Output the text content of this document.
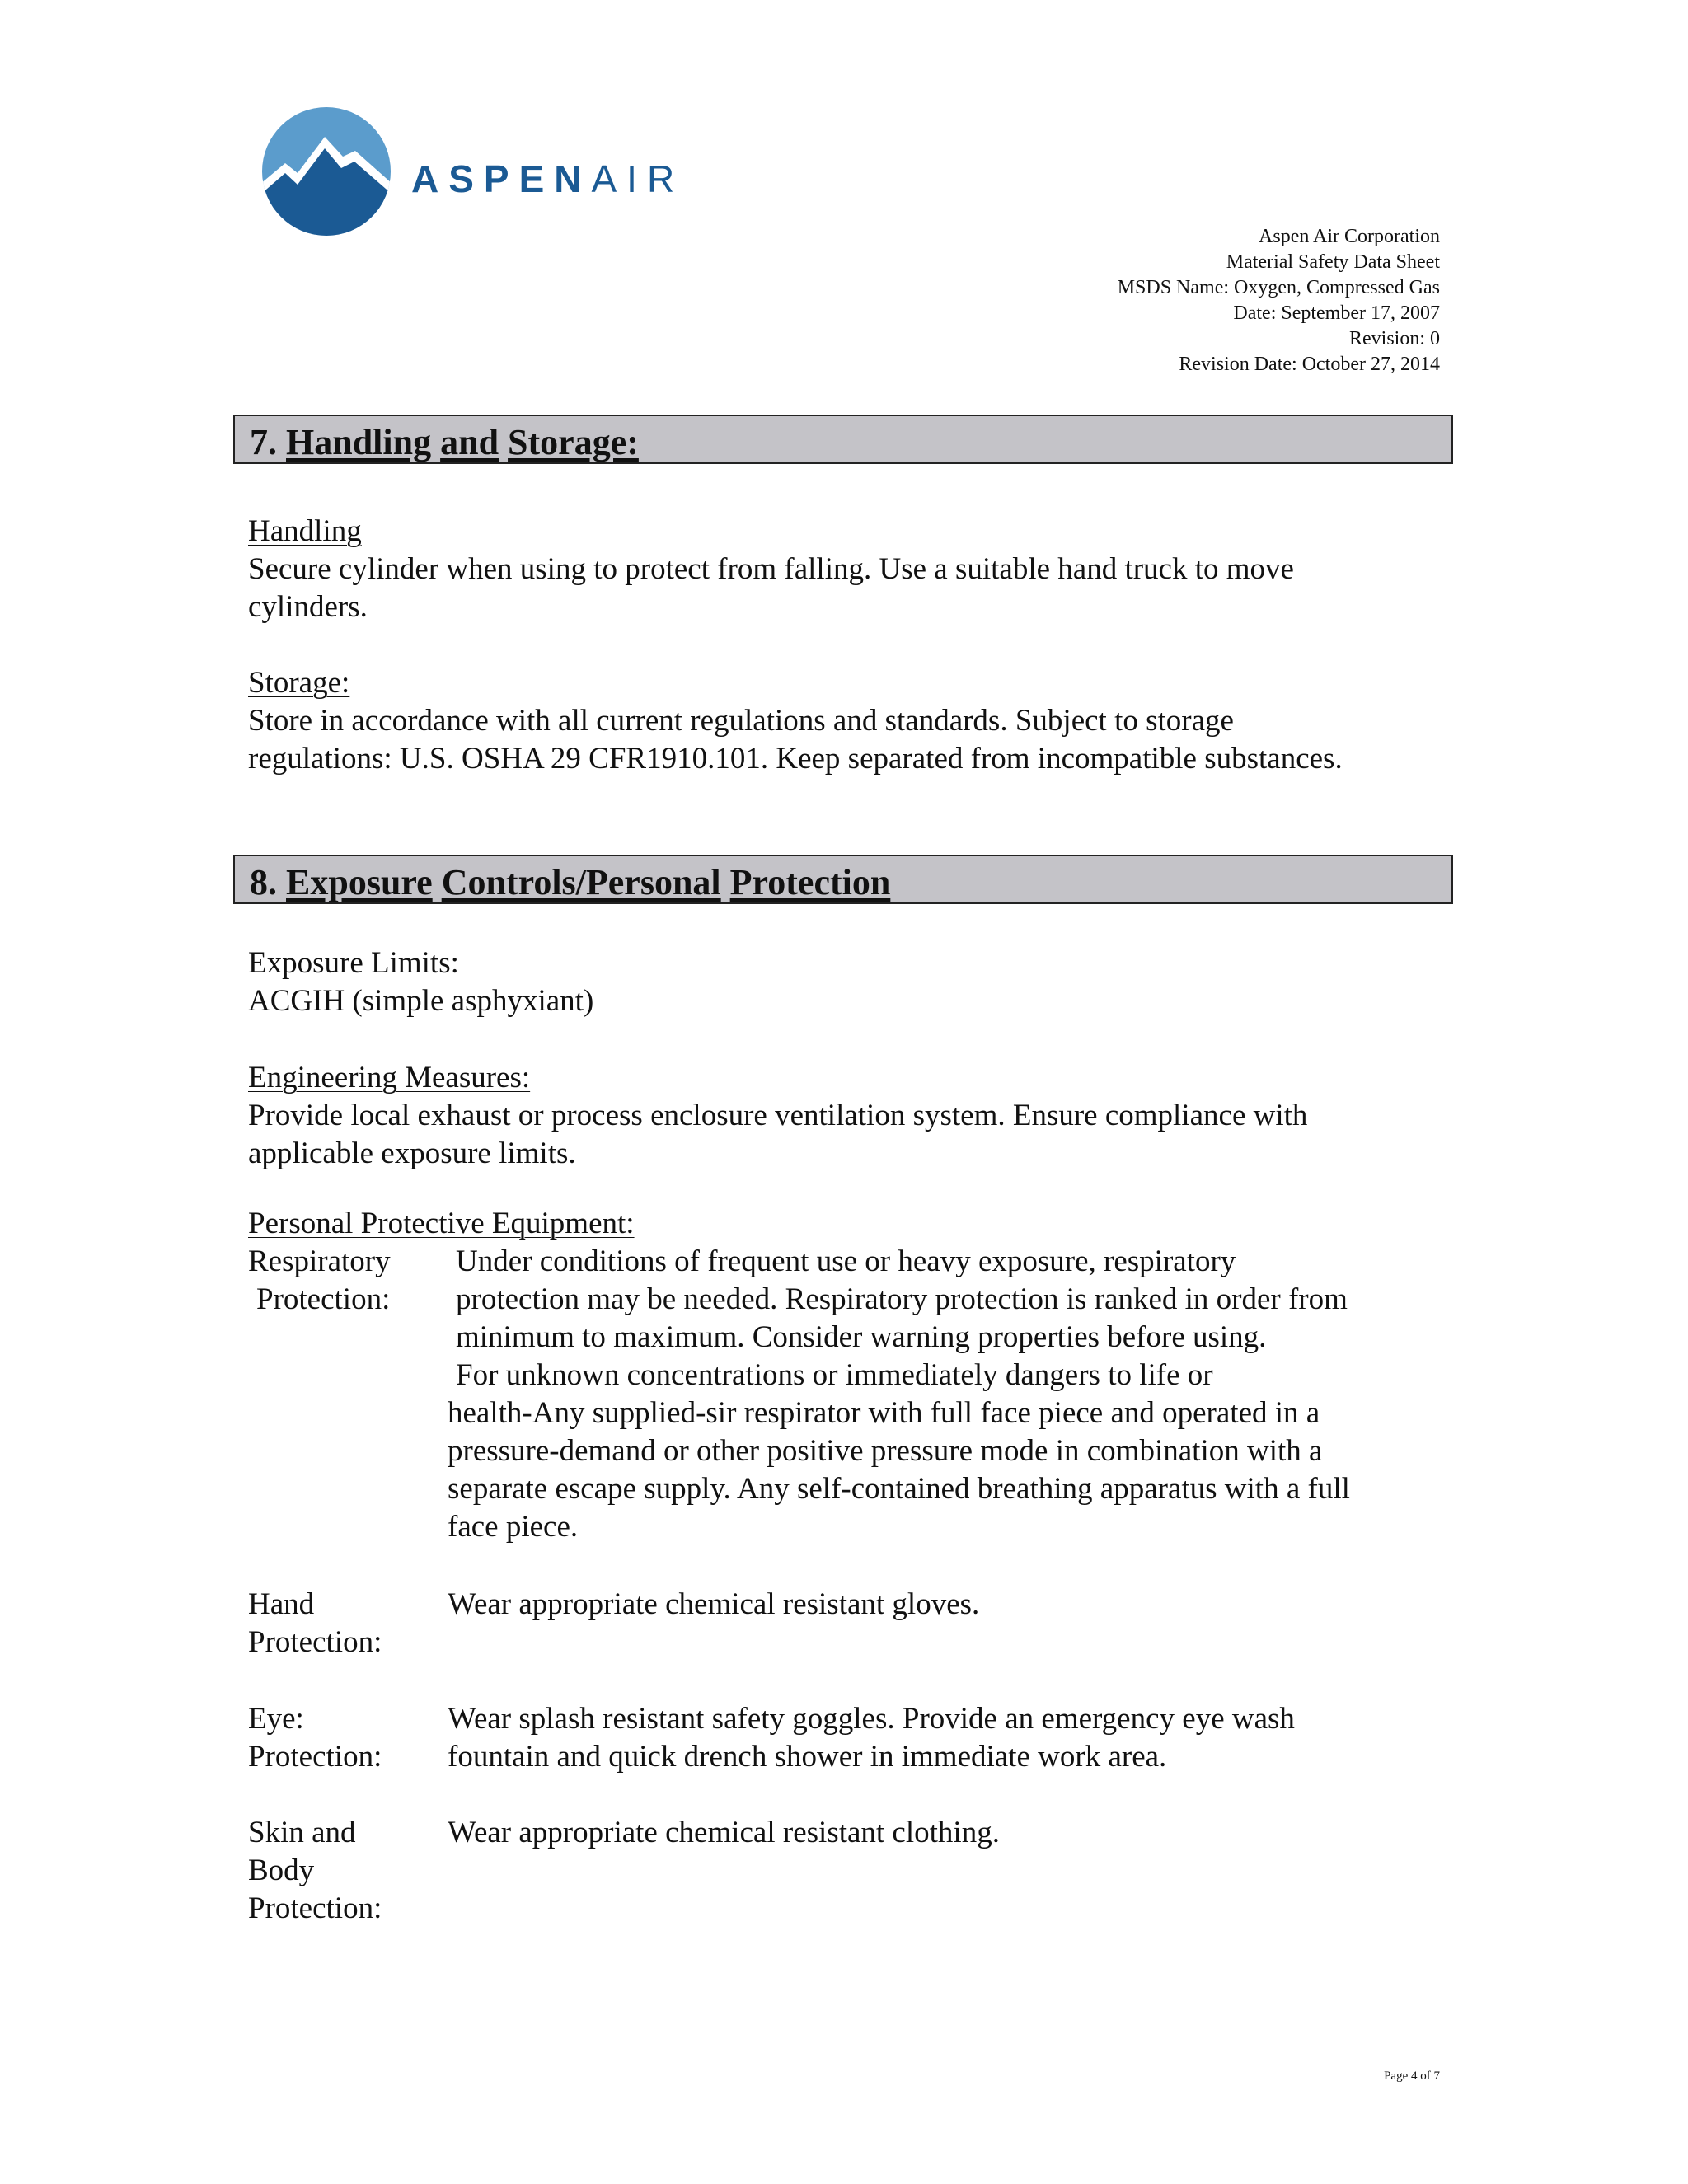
ASPENAIR
Aspen Air Corporation
Material Safety Data Sheet
MSDS Name: Oxygen, Compressed Gas
Date: September 17, 2007
Revision: 0
Revision Date: October 27, 2014
7. Handling and Storage:
Handling
Secure cylinder when using to protect from falling. Use a suitable hand truck to move cylinders.
Storage:
Store in accordance with all current regulations and standards. Subject to storage regulations: U.S. OSHA 29 CFR1910.101. Keep separated from incompatible substances.
8. Exposure Controls/Personal Protection
Exposure Limits:
ACGIH (simple asphyxiant)
Engineering Measures:
Provide local exhaust or process enclosure ventilation system. Ensure compliance with applicable exposure limits.
Personal Protective Equipment:
Respiratory
Protection:
Under conditions of frequent use or heavy exposure, respiratory
protection may be needed. Respiratory protection is ranked in order from
minimum to maximum. Consider warning properties before using.
For unknown concentrations or immediately dangers to life or
health-Any supplied-sir respirator with full face piece and operated in a
pressure-demand or other positive pressure mode in combination with a
separate escape supply. Any self-contained breathing apparatus with a full
face piece.
Hand
Protection:
Wear appropriate chemical resistant gloves.
Eye:
Protection:
Wear splash resistant safety goggles. Provide an emergency eye wash
fountain and quick drench shower in immediate work area.
Skin and
Body
Protection:
Wear appropriate chemical resistant clothing.
Page 4 of 7
